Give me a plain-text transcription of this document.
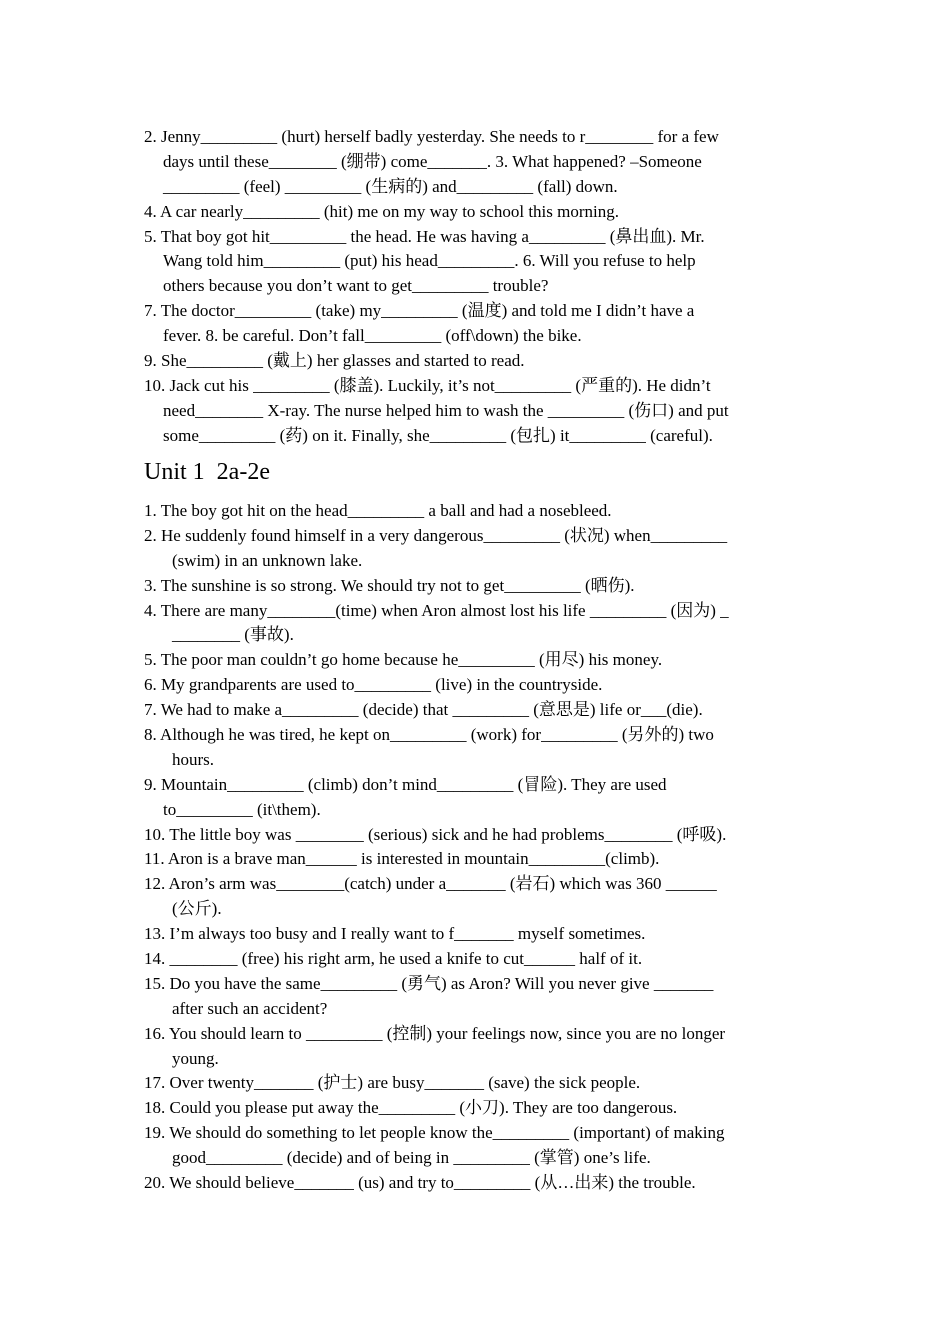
2. Jenny_________ (hurt) herself badly yesterday. She needs to r________ for a few
days until these________ (绷带) come_______. 3. What happened? –Someone
_________ (feel) _________ (生病的) and_________ (fall) down.
4. A car nearly_________ (hit) me on my way to school this morning.
5. That boy got hit_________ the head. He was having a_________ (鼻出血). Mr.
Wang told him_________ (put) his head_________. 6. Will you refuse to help
others because you don’t want to get_________ trouble?
7. The doctor_________ (take) my_________ (温度) and told me I didn’t have a
fever. 8. be careful. Don’t fall_________ (off\down) the bike.
9. She_________ (戴上) her glasses and started to read.
10. Jack cut his _________ (膝盖). Luckily, it’s not_________ (严重的). He didn’t
need________ X-ray. The nurse helped him to wash the _________ (伤口) and put
some_________ (药) on it. Finally, she_________ (包扎) it_________ (careful).
Unit 1  2a-2e
1. The boy got hit on the head_________ a ball and had a nosebleed.
2. He suddenly found himself in a very dangerous_________ (状况) when_________
(swim) in an unknown lake.
3. The sunshine is so strong. We should try not to get_________ (晒伤).
4. There are many________(time) when Aron almost lost his life _________ (因为) _
________ (事故).
5. The poor man couldn’t go home because he_________ (用尽) his money.
6. My grandparents are used to_________ (live) in the countryside.
7. We had to make a_________ (decide) that _________ (意思是) life or___(die).
8. Although he was tired, he kept on_________ (work) for_________ (另外的) two
hours.
9. Mountain_________ (climb) don’t mind_________ (冒险). They are used
to_________ (it\them).
10. The little boy was ________ (serious) sick and he had problems________ (呼吸).
11. Aron is a brave man______ is interested in mountain_________(climb).
12. Aron’s arm was________(catch) under a_______ (岩石) which was 360 ______
(公斤).
13. I’m always too busy and I really want to f_______ myself sometimes.
14. ________ (free) his right arm, he used a knife to cut______ half of it.
15. Do you have the same_________ (勇气) as Aron? Will you never give _______
after such an accident?
16. You should learn to _________ (控制) your feelings now, since you are no longer
young.
17. Over twenty_______ (护士) are busy_______ (save) the sick people.
18. Could you please put away the_________ (小刀). They are too dangerous.
19. We should do something to let people know the_________ (important) of making
good_________ (decide) and of being in _________ (掌管) one’s life.
20. We should believe_______ (us) and try to_________ (从…出来) the trouble.
